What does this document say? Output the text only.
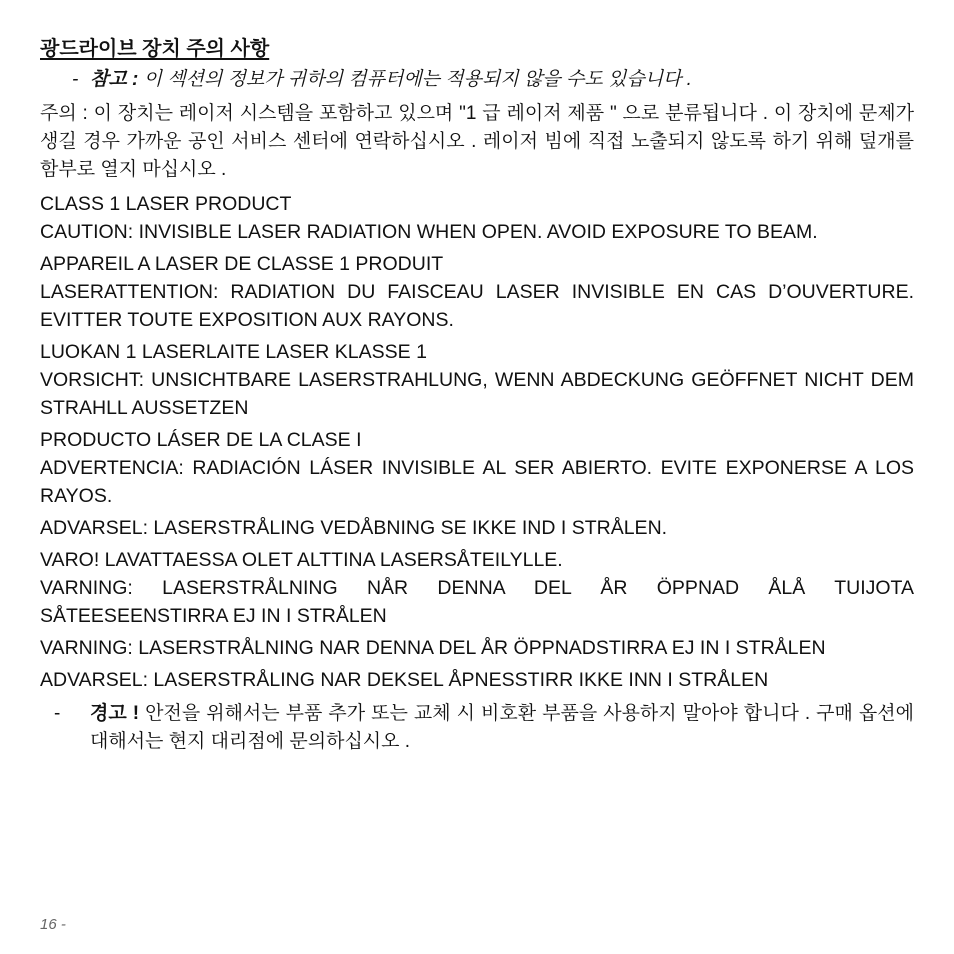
광드라이브 장치 주의 사항

- 참고 : 이 섹션의 정보가 귀하의 컴퓨터에는 적용되지 않을 수도 있습니다 .

주의 : 이 장치는 레이저 시스템을 포함하고 있으며 "1 급 레이저 제품 " 으로 분류됩니다 . 이 장치에 문제가 생길 경우 가까운 공인 서비스 센터에 연락하십시오 . 레이저 빔에 직접 노출되지 않도록 하기 위해 덮개를 함부로 열지 마십시오 .

CLASS 1 LASER PRODUCT
CAUTION: INVISIBLE LASER RADIATION WHEN OPEN. AVOID EXPOSURE TO BEAM.
APPAREIL A LASER DE CLASSE 1 PRODUIT
LASERATTENTION: RADIATION DU FAISCEAU LASER INVISIBLE EN CAS D’OUVERTURE. EVITTER TOUTE EXPOSITION AUX RAYONS.
LUOKAN 1 LASERLAITE LASER KLASSE 1
VORSICHT: UNSICHTBARE LASERSTRAHLUNG, WENN ABDECKUNG GEÖFFNET NICHT DEM STRAHLL AUSSETZEN
PRODUCTO LÁSER DE LA CLASE I
ADVERTENCIA: RADIACIÓN LÁSER INVISIBLE AL SER ABIERTO. EVITE EXPONERSE A LOS RAYOS.
ADVARSEL: LASERSTRÅLING VEDÅBNING SE IKKE IND I STRÅLEN.
VARO! LAVATTAESSA OLET ALTTINA LASERSÅTEILYLLE.
VARNING: LASERSTRÅLNING NÅR DENNA DEL ÅR ÖPPNAD ÅLÅ TUIJOTA SÅTEESEENSTIRRA EJ IN I STRÅLEN
VARNING: LASERSTRÅLNING NAR DENNA DEL ÅR ÖPPNADSTIRRA EJ IN I STRÅLEN
ADVARSEL: LASERSTRÅLING NAR DEKSEL ÅPNESSTIRR IKKE INN I STRÅLEN

- 경고 ! 안전을 위해서는 부품 추가 또는 교체 시 비호환 부품을 사용하지 말아야 합니다 . 구매 옵션에 대해서는 현지 대리점에 문의하십시오 .

16 -
